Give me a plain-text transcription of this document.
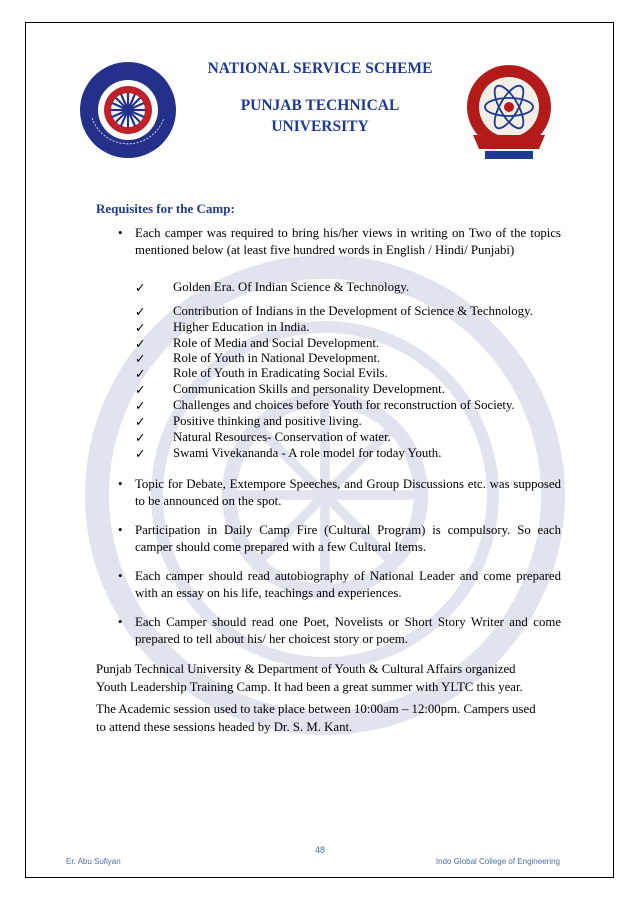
NATIONAL SERVICE SCHEME
PUNJAB TECHNICAL
UNIVERSITY
Requisites for the Camp:
• Each camper was required to bring his/her views in writing on Two of the topics mentioned below (at least five hundred words in English / Hindi/ Punjabi)
✓ Golden Era. Of Indian Science & Technology.
✓ Contribution of Indians in the Development of Science & Technology.
✓ Higher Education in India.
✓ Role of Media and Social Development.
✓ Role of Youth in National Development.
✓ Role of Youth in Eradicating Social Evils.
✓ Communication Skills and personality Development.
✓ Challenges and choices before Youth for reconstruction of Society.
✓ Positive thinking and positive living.
✓ Natural Resources- Conservation of water.
✓ Swami Vivekananda - A role model for today Youth.
• Topic for Debate, Extempore Speeches, and Group Discussions etc. was supposed to be announced on the spot.
• Participation in Daily Camp Fire (Cultural Program) is compulsory. So each camper should come prepared with a few Cultural Items.
• Each camper should read autobiography of National Leader and come prepared with an essay on his life, teachings and experiences.
• Each Camper should read one Poet, Novelists or Short Story Writer and come prepared to tell about his/ her choicest story or poem.
Punjab Technical University & Department of Youth & Cultural Affairs organized Youth Leadership Training Camp. It had been a great summer with YLTC this year.
The Academic session used to take place between 10:00am – 12:00pm. Campers used to attend these sessions headed by Dr. S. M. Kant.
48
Er. Abu Sufiyan	Indo Global College of Engineering
